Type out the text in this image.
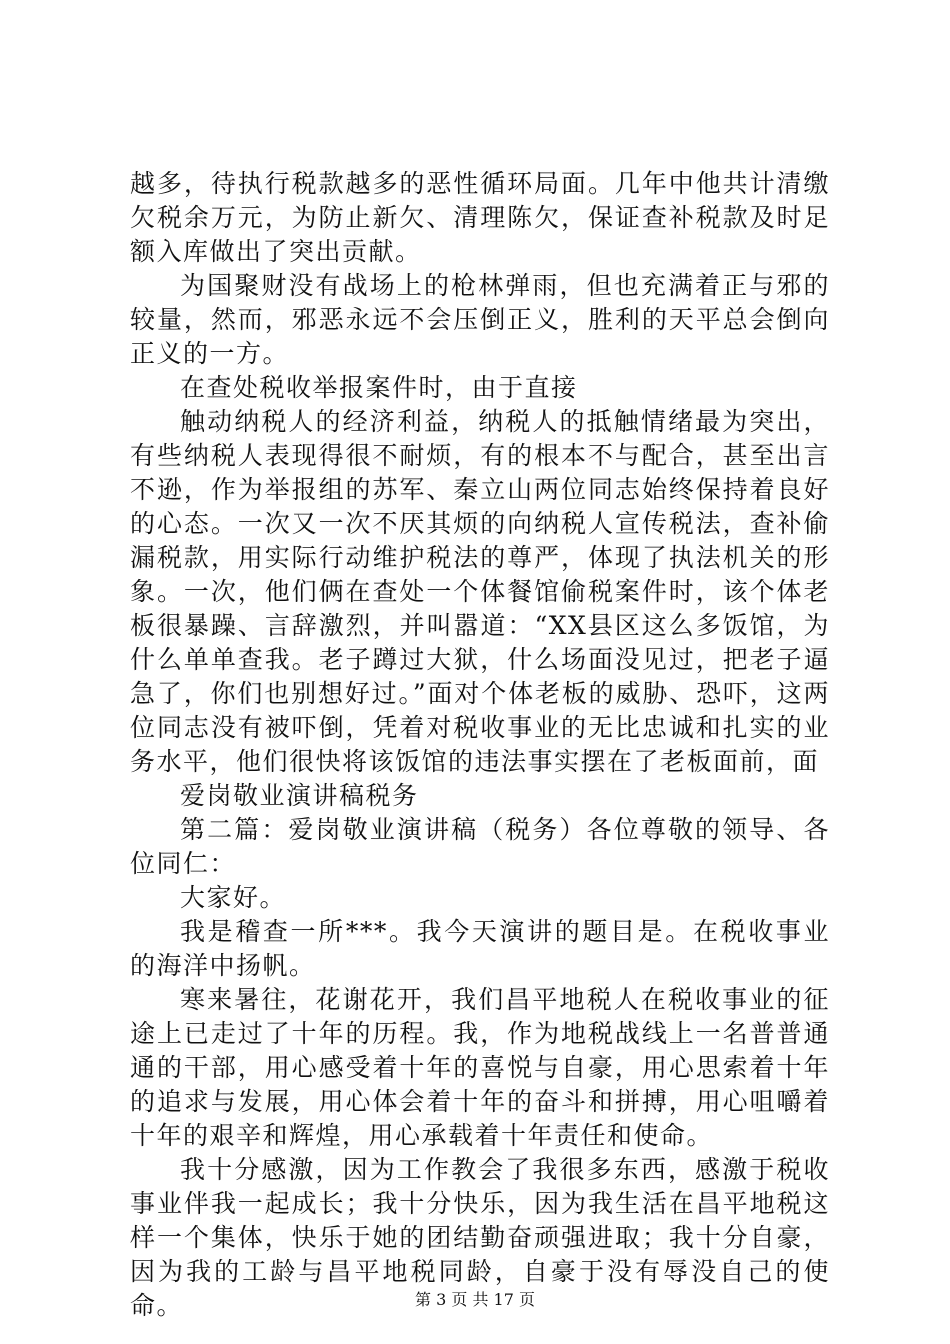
越多，待执行税款越多的恶性循环局面。几年中他共计清缴欠税余万元，为防止新欠、清理陈欠，保证查补税款及时足额入库做出了突出贡献。

为国聚财没有战场上的枪林弹雨，但也充满着正与邪的较量，然而，邪恶永远不会压倒正义，胜利的天平总会倒向正义的一方。

在查处税收举报案件时，由于直接

触动纳税人的经济利益，纳税人的抵触情绪最为突出，有些纳税人表现得很不耐烦，有的根本不与配合，甚至出言不逊，作为举报组的苏军、秦立山两位同志始终保持着良好的心态。一次又一次不厌其烦的向纳税人宣传税法，查补偷漏税款，用实际行动维护税法的尊严，体现了执法机关的形象。一次，他们俩在查处一个体餐馆偷税案件时，该个体老板很暴躁、言辞激烈，并叫嚣道：“XX县区这么多饭馆，为什么单单查我。老子蹲过大狱，什么场面没见过，把老子逼急了，你们也别想好过。”面对个体老板的威胁、恐吓，这两位同志没有被吓倒，凭着对税收事业的无比忠诚和扎实的业务水平，他们很快将该饭馆的违法事实摆在了老板面前，面

爱岗敬业演讲稿税务

第二篇：爱岗敬业演讲稿（税务）各位尊敬的领导、各位同仁：

大家好。

我是稽查一所***。我今天演讲的题目是。在税收事业的海洋中扬帆。

寒来暑往，花谢花开，我们昌平地税人在税收事业的征途上已走过了十年的历程。我，作为地税战线上一名普普通通的干部，用心感受着十年的喜悦与自豪，用心思索着十年的追求与发展，用心体会着十年的奋斗和拼搏，用心咀嚼着十年的艰辛和辉煌，用心承载着十年责任和使命。

我十分感激，因为工作教会了我很多东西，感激于税收事业伴我一起成长；我十分快乐，因为我生活在昌平地税这样一个集体，快乐于她的团结勤奋顽强进取；我十分自豪，因为我的工龄与昌平地税同龄，自豪于没有辱没自己的使命。	第 3 页 共 17 页
